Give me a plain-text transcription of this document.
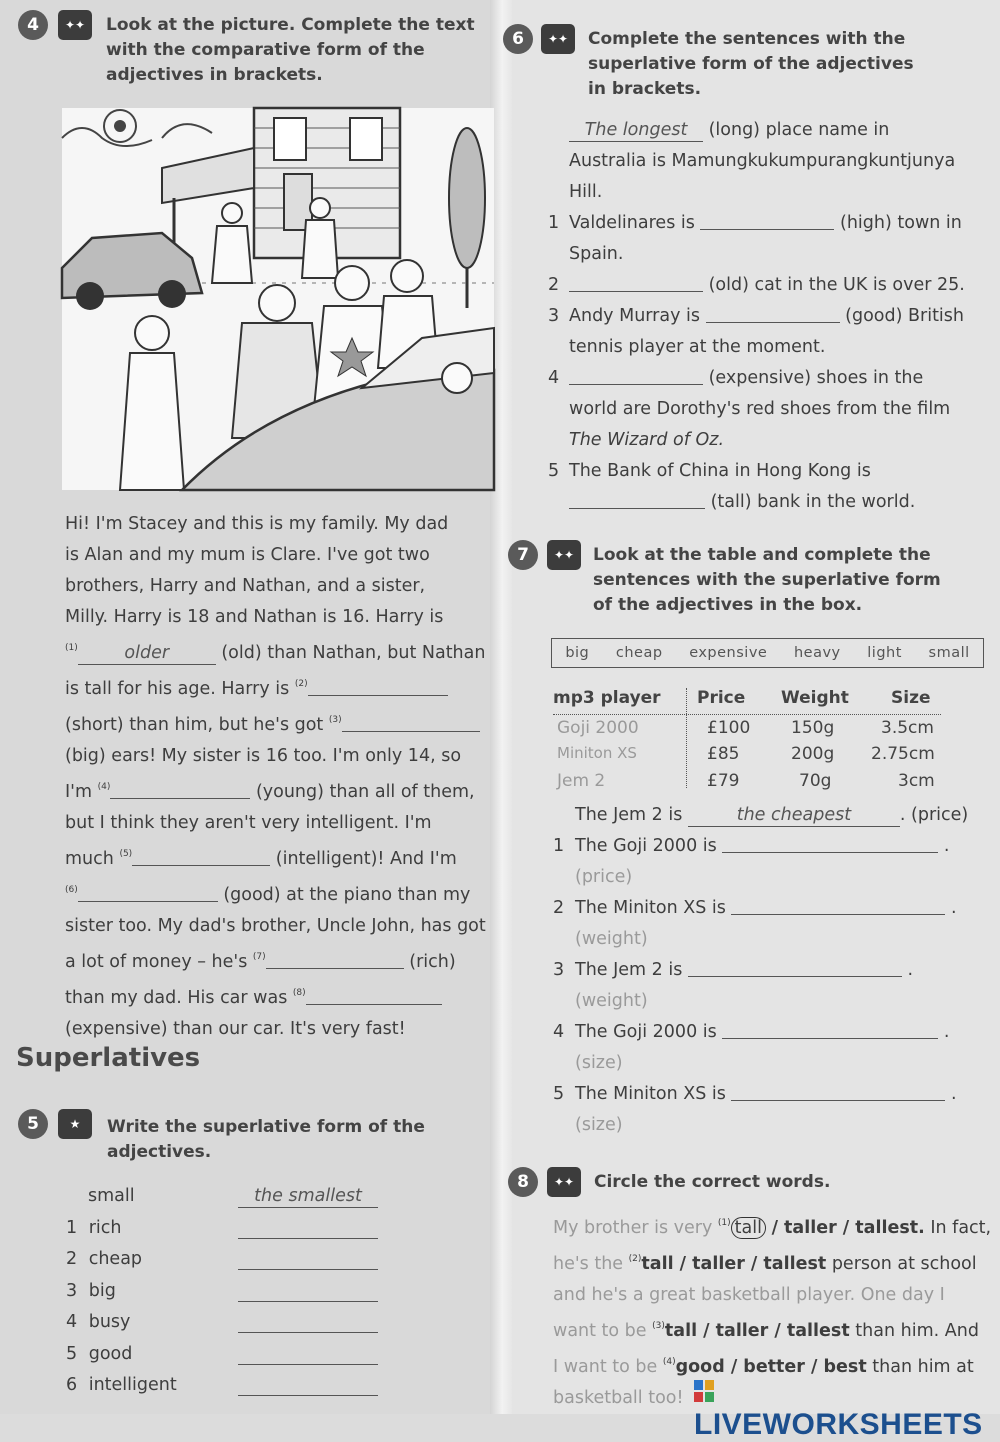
4	✦✦	Look at the picture. Complete the text with the comparative form of the adjectives in brackets.
Hi! I'm Stacey and this is my family. My dad
is Alan and my mum is Clare. I've got two
brothers, Harry and Nathan, and a sister,
Milly. Harry is 18 and Nathan is 16. Harry is
$^{(1)}$	older	(old) than Nathan, but Nathan
is tall for his age. Harry is $^{(2)}$
(short) than him, but he's got $^{(3)}$
(big) ears! My sister is 16 too. I'm only 14, so
I'm $^{(4)}$	(young) than all of them,
but I think they aren't very intelligent. I'm
much $^{(5)}$	(intelligent)! And I'm
$^{(6)}$	(good) at the piano than my
sister too. My dad's brother, Uncle John, has got
a lot of money – he's $^{(7)}$	(rich)
than my dad. His car was $^{(8)}$
(expensive) than our car. It's very fast!
Superlatives
5	★	Write the superlative form of the adjectives.
small	the smallest
1 rich
2 cheap
3 big
4 busy
5 good
6 intelligent
6	✦✦	Complete the sentences with the superlative form of the adjectives in brackets.
The longest (long) place name in
Australia is Mamungkukumpurangkuntjunya
Hill.
1 Valdelinares is	(high) town in
Spain.
2	(old) cat in the UK is over 25.
3 Andy Murray is	(good) British
tennis player at the moment.
4	(expensive) shoes in the
world are Dorothy's red shoes from the film
The Wizard of Oz.
5 The Bank of China in Hong Kong is
(tall) bank in the world.
7	✦✦	Look at the table and complete the sentences with the superlative form of the adjectives in the box.
big cheap expensive heavy light small
mp3 player Price Weight Size
Goji 2000	£100 150g	3.5cm
Miniton XS	£85	200g 2.75cm
Jem 2	£79	70g	3cm
The Jem 2 is	the cheapest	. (price)
1 The Goji 2000 is	.
(price)
2 The Miniton XS is	.
(weight)
3 The Jem 2 is	.
(weight)
4 The Goji 2000 is	.
(size)
5 The Miniton XS is	.
(size)
8	✦✦	Circle the correct words.
My brother is very $^{(1)}$ tall / taller / tallest. In fact,
he's the $^{(2)}$tall / taller / tallest person at school
and he's a great basketball player. One day I
want to be $^{(3)}$tall / taller / tallest than him. And
I want to be $^{(4)}$good / better / best than him at
basketball too!
LIVEWORKSHEETS
